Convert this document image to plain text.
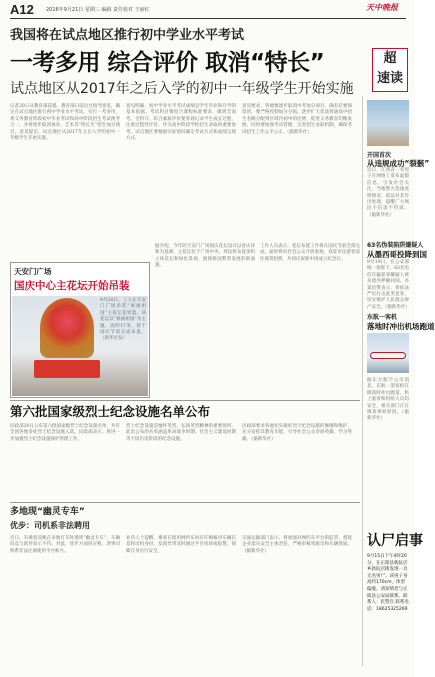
A12 2016年9月21日 星期三 编辑 责任校对 王丽红	天中晚报
超
速读
我国将在试点地区推行初中学业水平考试
一考多用 综合评价 取消“特长”
试点地区从2017年之后入学的初中一年级学生开始实施
记者20日从教育部获悉，教育部日前出台指导意见，确定在试点地区推行初中学业水平考试，实行一考多用，将义务教育阶段初中毕业考试和高中阶段招生考试两考合一，并将逐步取消体育、艺术等“特长生”招生加分项目。意见提出，试点地区从2017年之后入学的初中一年级学生开始实施。
意见明确，初中学业水平考试成绩是学生毕业和升学的基本依据。考试科目要结合课程标准要求，做到全面考、全科开。综合素质评价要客观记录学生成长过程，注重过程性评价，作为高中阶段学校招生录取的重要参考。试点地区要根据实际情况确定考试方式和成绩呈现方式。
意见要求，各地要逐步取消中考加分项目，确有必要保留的，要严格控制加分分值。逐步扩大优质普通高中招生名额分配到区域内初中的比例，促进义务教育均衡发展。同时要加强考试管理，完善招生录取机制，确保考试招生工作公平公正。（据新华社）
开国首次
从违规成功“裂骸”
近日，江西省一名男子在网络上发布虚假信息，引发社会关注。当地警方迅速查明情况，依法对其作出处理，提醒广大网民不信谣不传谣。（据新华社）
63名伪装陷阱嫌疑人
从墨西哥投降到国
9月19日，在公安部统一指挥下，63名电信诈骗犯罪嫌疑人被从境外押解回国。办案民警表示，将依法严厉打击此类犯罪，切实维护人民群众财产安全。（据新华社）
东航一客机
落地时冲出机场跑道
据东方航空公司消息，东航一架客机在降落时冲出跑道，机上旅客和机组人员均安全，相关部门正在调查事故原因。（据新华社）
天安门广场
国庆中心主花坛开始吊装
9月20日，工人在天安门广场吊装“祝福祖国”主花坛花果篮。该花坛以“祝福祖国”为主题，高约17米，将于国庆节前完成布置。（新华社发）
据介绍，今年的天安门广场国庆花坛设计以喜庆祥和为基调，主花坛位于广场中央，周边将布置多组立体花坛和绿化景观，展现祖国繁荣发展的新面貌。
工作人员表示，花坛布置工作将在国庆节前全部完成，届时将向社会公众开放参观，欢迎市民游客前往观赏拍照，共同庆祝新中国成立纪念日。
第六批国家级烈士纪念设施名单公布
民政部20日公布第六批国家级烈士纪念设施名单，共有全国各地多处烈士纪念设施入选。民政部表示，将进一步加强烈士纪念设施保护管理工作。
烈士纪念设施是缅怀英烈、弘扬英烈精神的重要场所。此次公布的名单涵盖革命战争时期、社会主义建设时期等不同历史阶段的纪念设施。
民政部要求各地切实做好烈士纪念设施的修缮和维护，充分发挥其教育功能，引导社会公众崇尚英雄、学习英雄。（据新华社）
多地现“幽灵专车”
优步：司机系非法聘用
近日，有乘客反映在多地打车时遇到“幽灵专车”，车辆信息与软件显示不符。对此，优步方面回应称，涉事司机系非法注册使用平台账号。
业内人士提醒，乘客在使用网约车时应仔细核对车辆信息和司机身份，发现异常及时通过平台投诉或报警，保障自身出行安全。
交通运输部门表示，将加强对网约车平台的监管，督促企业落实安全主体责任，严格审核驾驶员和车辆资质。（据新华社）
认尸启事
9月15日下午4时20分，在正阳县新阮店乡新阮店街发现一具无名男尸。该男子身高约170cm，体型偏瘦。请知情者与正阳县公安局联系。联系人：仉警官 联系电话：18625325269
